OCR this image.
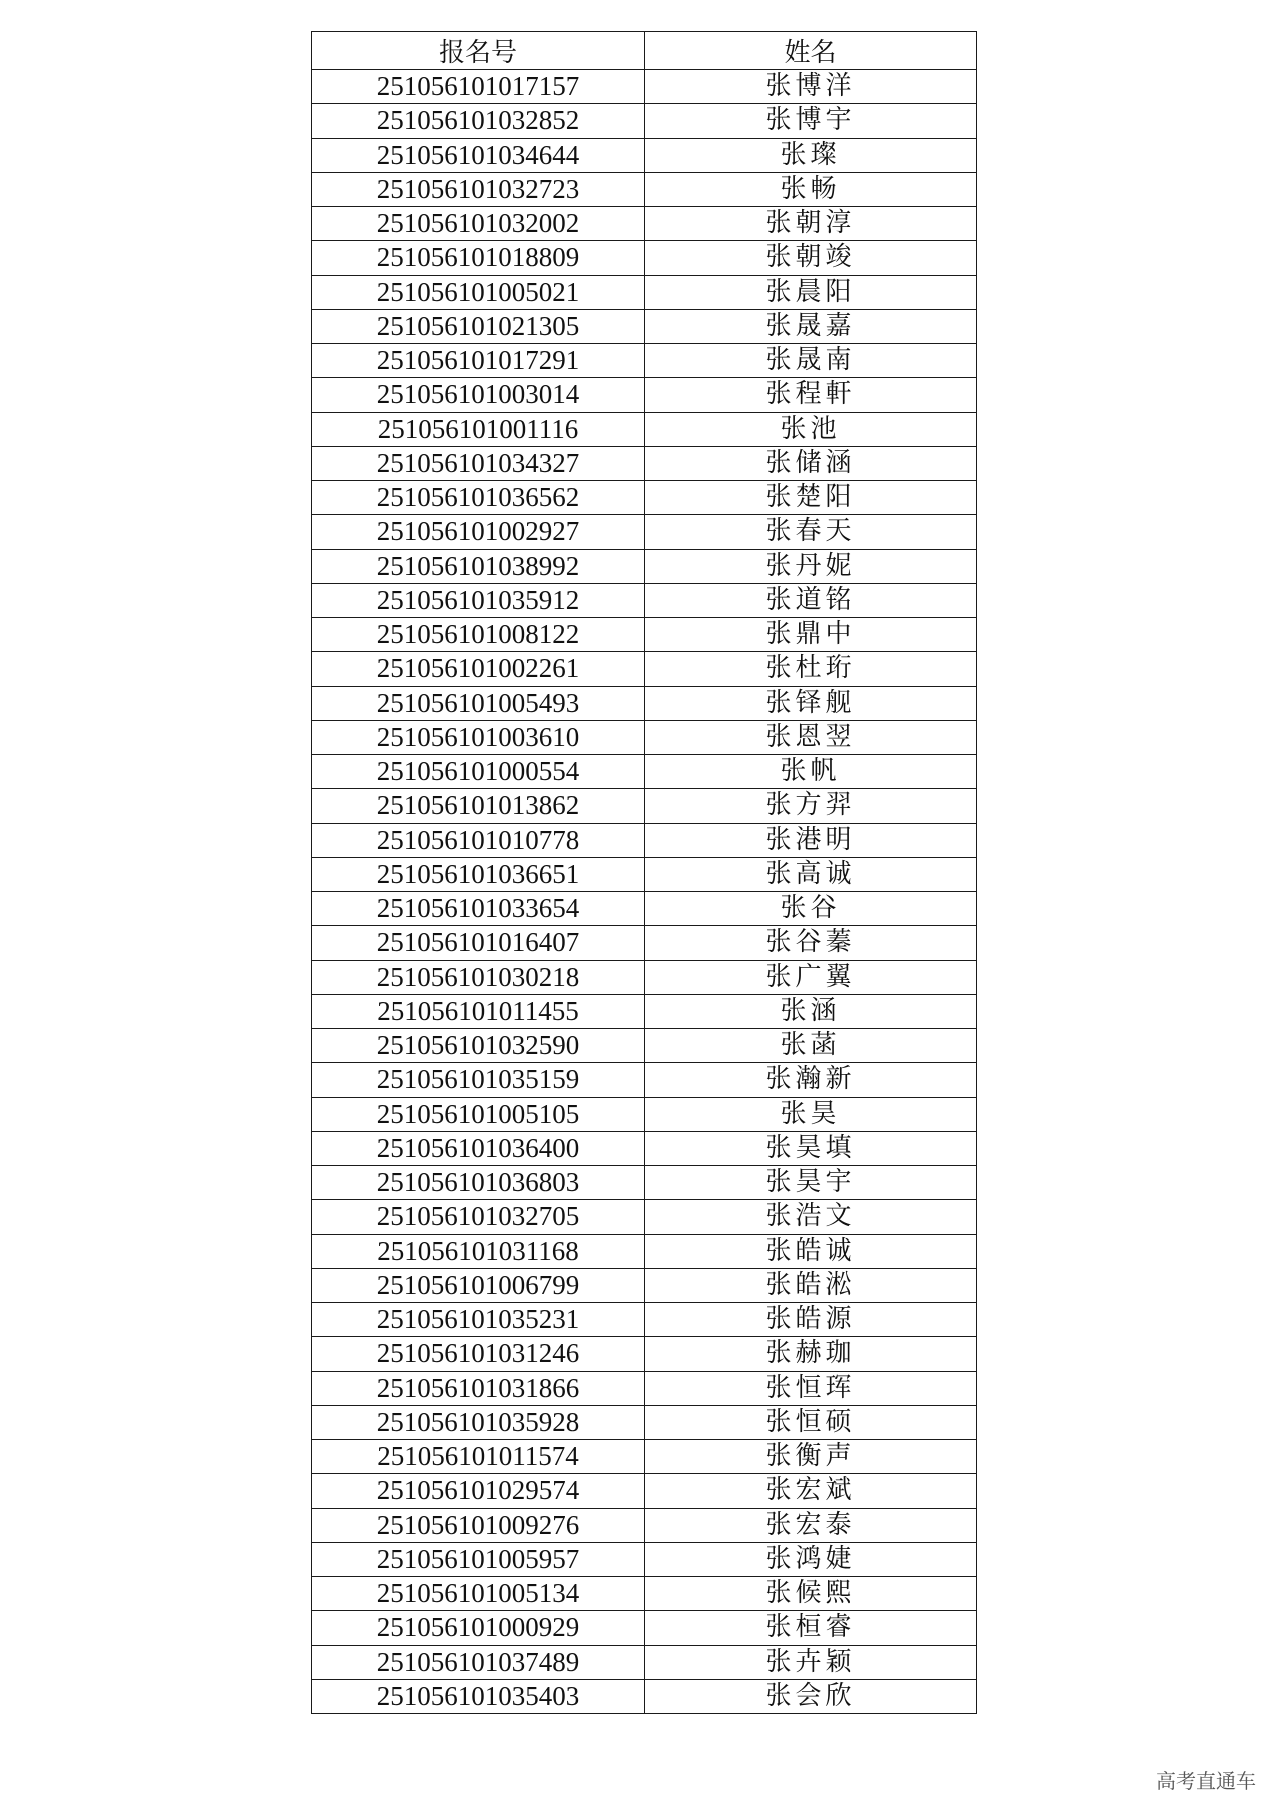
报名号	姓名
251056101017157	张博洋
251056101032852	张博宇
251056101034644	张璨
251056101032723	张畅
251056101032002	张朝淳
251056101018809	张朝竣
251056101005021	张晨阳
251056101021305	张晟嘉
251056101017291	张晟南
251056101003014	张程軒
251056101001116	张池
251056101034327	张储涵
251056101036562	张楚阳
251056101002927	张春天
251056101038992	张丹妮
251056101035912	张道铭
251056101008122	张鼎中
251056101002261	张杜珩
251056101005493	张铎舰
251056101003610	张恩翌
251056101000554	张帆
251056101013862	张方羿
251056101010778	张港明
251056101036651	张高诚
251056101033654	张谷
251056101016407	张谷蓁
251056101030218	张广翼
251056101011455	张涵
251056101032590	张菡
251056101035159	张瀚新
251056101005105	张昊
251056101036400	张昊填
251056101036803	张昊宇
251056101032705	张浩文
251056101031168	张皓诚
251056101006799	张皓淞
251056101035231	张皓源
251056101031246	张赫珈
251056101031866	张恒珲
251056101035928	张恒硕
251056101011574	张衡声
251056101029574	张宏斌
251056101009276	张宏泰
251056101005957	张鸿婕
251056101005134	张候熙
251056101000929	张桓睿
251056101037489	张卉颖
251056101035403	张会欣
高考直通车
